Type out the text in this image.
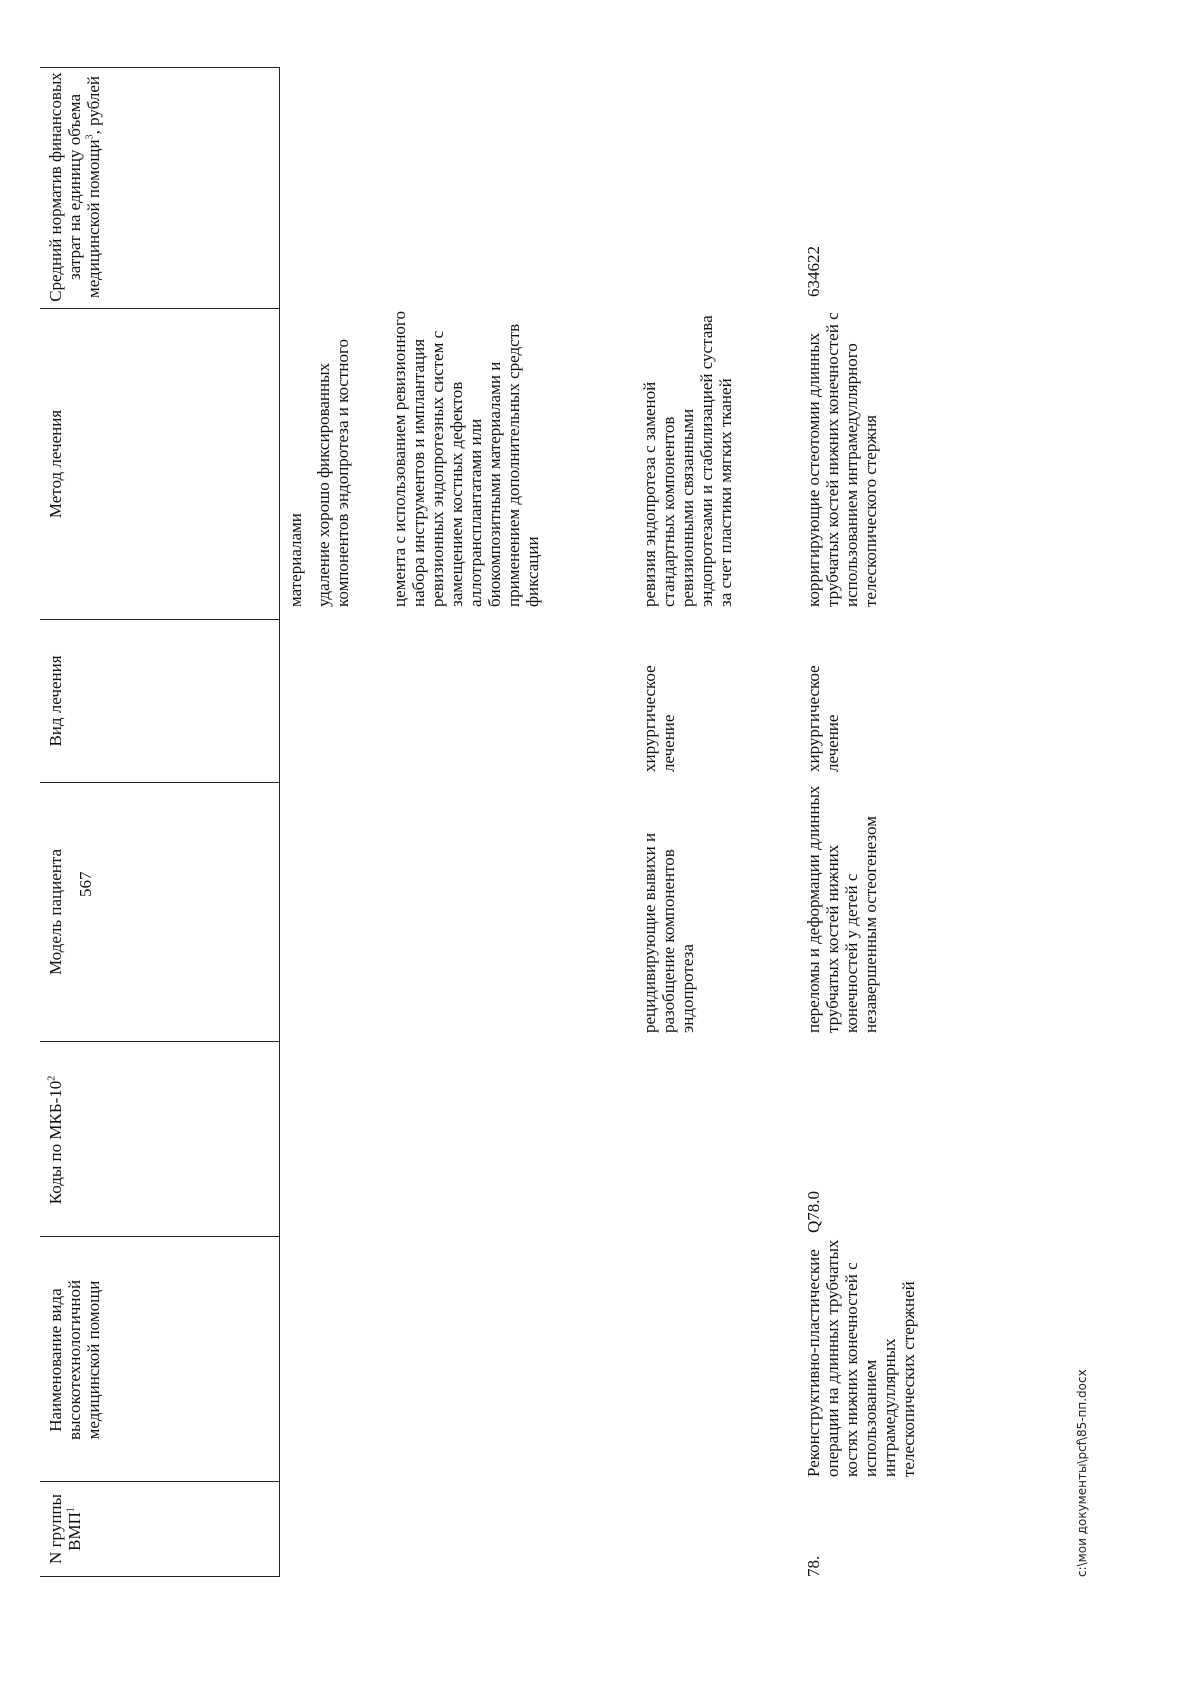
567
N группы ВМП$^1$
Наименование вида высокотехнологичной медицинской помощи
Коды по МКБ-$10^2$
Модель пациента
Вид лечения
Метод лечения
Средний норматив финансовых затрат на единицу объема медицинской помощи$^3$, рублей
материалами удаление хорошо фиксированных компонентов эндопротеза и костного цемента с использованием ревизионного набора инструментов и имплантация ревизионных эндопротезных систем с замещением костных дефектов аллотрансплантатами или биокомпозитными материалами и применением дополнительных средств фиксации
рецидивирующие вывихи и разобщение компонентов эндопротеза
хирургическое лечение
ревизия эндопротеза с заменой стандартных компонентов ревизионными связанными эндопротезами и стабилизацией сустава за счет пластики мягких тканей
78.
Реконструктивно-пластические операции на длинных трубчатых костях нижних конечностей с использованием интрамедуллярных телескопических стержней
Q78.0
переломы и деформации длинных трубчатых костей нижних конечностей у детей с незавершенным остеогенезом
хирургическое лечение
корригирующие остеотомии длинных трубчатых костей нижних конечностей с использованием интрамедуллярного телескопического стержня
634622
c:\мои документы\рсf\85-пп.docx
